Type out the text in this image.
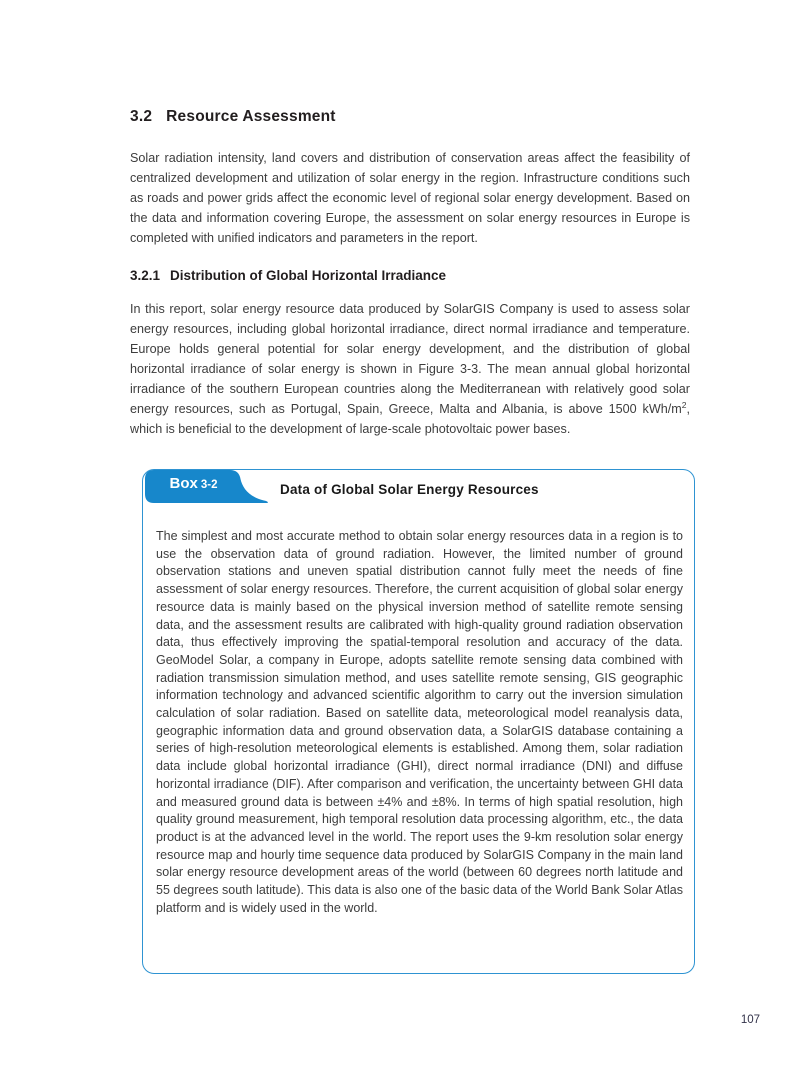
3.2 Resource Assessment

Solar radiation intensity, land covers and distribution of conservation areas affect the feasibility of centralized development and utilization of solar energy in the region. Infrastructure conditions such as roads and power grids affect the economic level of regional solar energy development. Based on the data and information covering Europe, the assessment on solar energy resources in Europe is completed with unified indicators and parameters in the report.

3.2.1 Distribution of Global Horizontal Irradiance

In this report, solar energy resource data produced by SolarGIS Company is used to assess solar energy resources, including global horizontal irradiance, direct normal irradiance and temperature. Europe holds general potential for solar energy development, and the distribution of global horizontal irradiance of solar energy is shown in Figure 3-3. The mean annual global horizontal irradiance of the southern European countries along the Mediterranean with relatively good solar energy resources, such as Portugal, Spain, Greece, Malta and Albania, is above 1500 kWh/$m^2$, which is beneficial to the development of large-scale photovoltaic power bases.

Box 3-2	Data of Global Solar Energy Resources
The simplest and most accurate method to obtain solar energy resources data in a region is to use the observation data of ground radiation. However, the limited number of ground observation stations and uneven spatial distribution cannot fully meet the needs of fine assessment of solar energy resources. Therefore, the current acquisition of global solar energy resource data is mainly based on the physical inversion method of satellite remote sensing data, and the assessment results are calibrated with high-quality ground radiation observation data, thus effectively improving the spatial-temporal resolution and accuracy of the data. GeoModel Solar, a company in Europe, adopts satellite remote sensing data combined with radiation transmission simulation method, and uses satellite remote sensing, GIS geographic information technology and advanced scientific algorithm to carry out the inversion simulation calculation of solar radiation. Based on satellite data, meteorological model reanalysis data, geographic information data and ground observation data, a SolarGIS database containing a series of high-resolution meteorological elements is established. Among them, solar radiation data include global horizontal irradiance (GHI), direct normal irradiance (DNI) and diffuse horizontal irradiance (DIF). After comparison and verification, the uncertainty between GHI data and measured ground data is between ±4% and ±8%. In terms of high spatial resolution, high quality ground measurement, high temporal resolution data processing algorithm, etc., the data product is at the advanced level in the world. The report uses the 9-km resolution solar energy resource map and hourly time sequence data produced by SolarGIS Company in the main land solar energy resource development areas of the world (between 60 degrees north latitude and 55 degrees south latitude). This data is also one of the basic data of the World Bank Solar Atlas platform and is widely used in the world.
107
